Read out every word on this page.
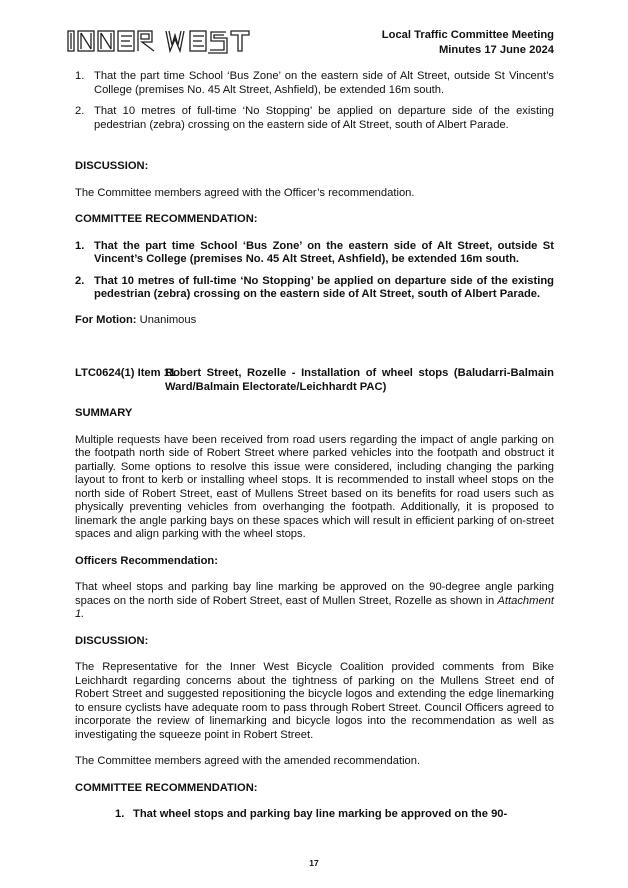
Local Traffic Committee Meeting
Minutes 17 June 2024
1. That the part time School ‘Bus Zone’ on the eastern side of Alt Street, outside St Vincent’s College (premises No. 45 Alt Street, Ashfield), be extended 16m south.
2. That 10 metres of full-time ‘No Stopping’ be applied on departure side of the existing pedestrian (zebra) crossing on the eastern side of Alt Street, south of Albert Parade.

DISCUSSION:

The Committee members agreed with the Officer’s recommendation.

COMMITTEE RECOMMENDATION:

1. That the part time School ‘Bus Zone’ on the eastern side of Alt Street, outside St Vincent’s College (premises No. 45 Alt Street, Ashfield), be extended 16m south.
2. That 10 metres of full-time ‘No Stopping’ be applied on departure side of the existing pedestrian (zebra) crossing on the eastern side of Alt Street, south of Albert Parade.

For Motion: Unanimous

LTC0624(1) Item 11
Robert Street, Rozelle - Installation of wheel stops (Baludarri-Balmain Ward/Balmain Electorate/Leichhardt PAC)

SUMMARY

Multiple requests have been received from road users regarding the impact of angle parking on the footpath north side of Robert Street where parked vehicles into the footpath and obstruct it partially. Some options to resolve this issue were considered, including changing the parking layout to front to kerb or installing wheel stops. It is recommended to install wheel stops on the north side of Robert Street, east of Mullens Street based on its benefits for road users such as physically preventing vehicles from overhanging the footpath. Additionally, it is proposed to linemark the angle parking bays on these spaces which will result in efficient parking of on-street spaces and align parking with the wheel stops.

Officers Recommendation:

That wheel stops and parking bay line marking be approved on the 90-degree angle parking spaces on the north side of Robert Street, east of Mullen Street, Rozelle as shown in Attachment 1.

DISCUSSION:

The Representative for the Inner West Bicycle Coalition provided comments from Bike Leichhardt regarding concerns about the tightness of parking on the Mullens Street end of Robert Street and suggested repositioning the bicycle logos and extending the edge linemarking to ensure cyclists have adequate room to pass through Robert Street. Council Officers agreed to incorporate the review of linemarking and bicycle logos into the recommendation as well as investigating the squeeze point in Robert Street.

The Committee members agreed with the amended recommendation.

COMMITTEE RECOMMENDATION:

1. That wheel stops and parking bay line marking be approved on the 90-
17
